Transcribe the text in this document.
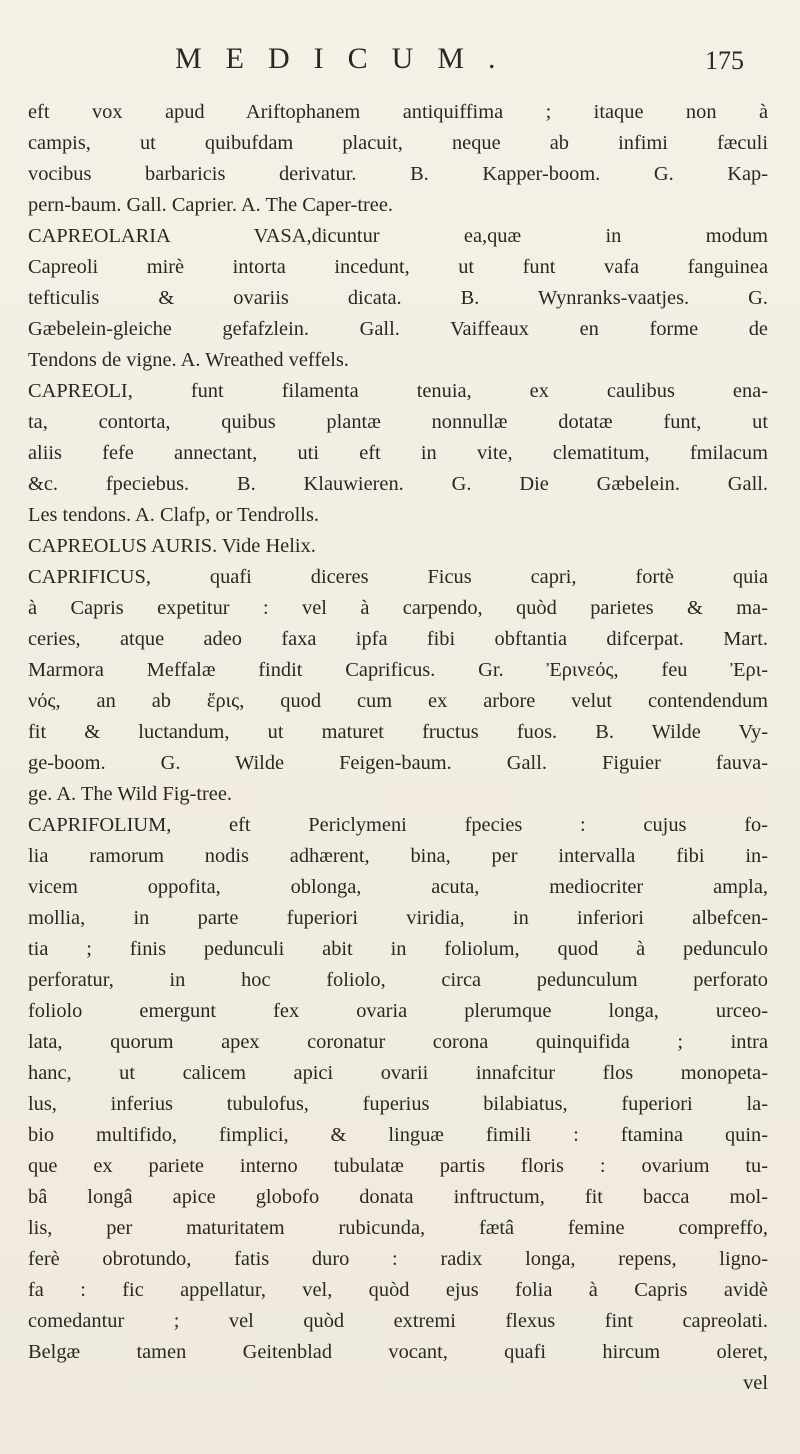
MEDICUM.	175
eft vox apud Ariftophanem antiquiffima ; itaque non à
campis, ut quibufdam placuit, neque ab infimi fæculi
vocibus barbaricis derivatur. B. Kapper-boom. G. Kap-
pern-baum. Gall. Caprier. A. The Caper-tree.
CAPREOLARIA VASA,dicuntur ea,quæ in modum
Capreoli mirè intorta incedunt, ut funt vafa fanguinea
tefticulis & ovariis dicata. B. Wynranks-vaatjes. G.
Gæbelein-gleiche gefafzlein. Gall. Vaiffeaux en forme de
Tendons de vigne. A. Wreathed veffels.
CAPREOLI, funt filamenta tenuia, ex caulibus ena-
ta, contorta, quibus plantæ nonnullæ dotatæ funt, ut
aliis fefe annectant, uti eft in vite, clematitum, fmilacum
&c. fpeciebus. B. Klauwieren. G. Die Gæbelein. Gall.
Les tendons. A. Clafp, or Tendrolls.
CAPREOLUS AURIS. Vide Helix.
CAPRIFICUS, quafi diceres Ficus capri, fortè quia
à Capris expetitur : vel à carpendo, quòd parietes & ma-
ceries, atque adeo faxa ipfa fibi obftantia difcerpat. Mart.
Marmora Meffalæ findit Caprificus. Gr. Ἐρινεός, feu Ἐρι-
νός, an ab ἔρις, quod cum ex arbore velut contendendum
fit & luctandum, ut maturet fructus fuos. B. Wilde Vy-
ge-boom. G. Wilde Feigen-baum. Gall. Figuier fauva-
ge. A. The Wild Fig-tree.
CAPRIFOLIUM, eft Periclymeni fpecies : cujus fo-
lia ramorum nodis adhærent, bina, per intervalla fibi in-
vicem oppofita, oblonga, acuta, mediocriter ampla,
mollia, in parte fuperiori viridia, in inferiori albefcen-
tia ; finis pedunculi abit in foliolum, quod à pedunculo
perforatur, in hoc foliolo, circa pedunculum perforato
foliolo emergunt fex ovaria plerumque longa, urceo-
lata, quorum apex coronatur corona quinquifida ; intra
hanc, ut calicem apici ovarii innafcitur flos monopeta-
lus, inferius tubulofus, fuperius bilabiatus, fuperiori la-
bio multifido, fimplici, & linguæ fimili : ftamina quin-
que ex pariete interno tubulatæ partis floris : ovarium tu-
bâ longâ apice globofo donata inftructum, fit bacca mol-
lis, per maturitatem rubicunda, fætâ femine compreffo,
ferè obrotundo, fatis duro : radix longa, repens, ligno-
fa : fic appellatur, vel, quòd ejus folia à Capris avidè
comedantur ; vel quòd extremi flexus fint capreolati.
Belgæ tamen Geitenblad vocant, quafi hircum oleret,
vel
